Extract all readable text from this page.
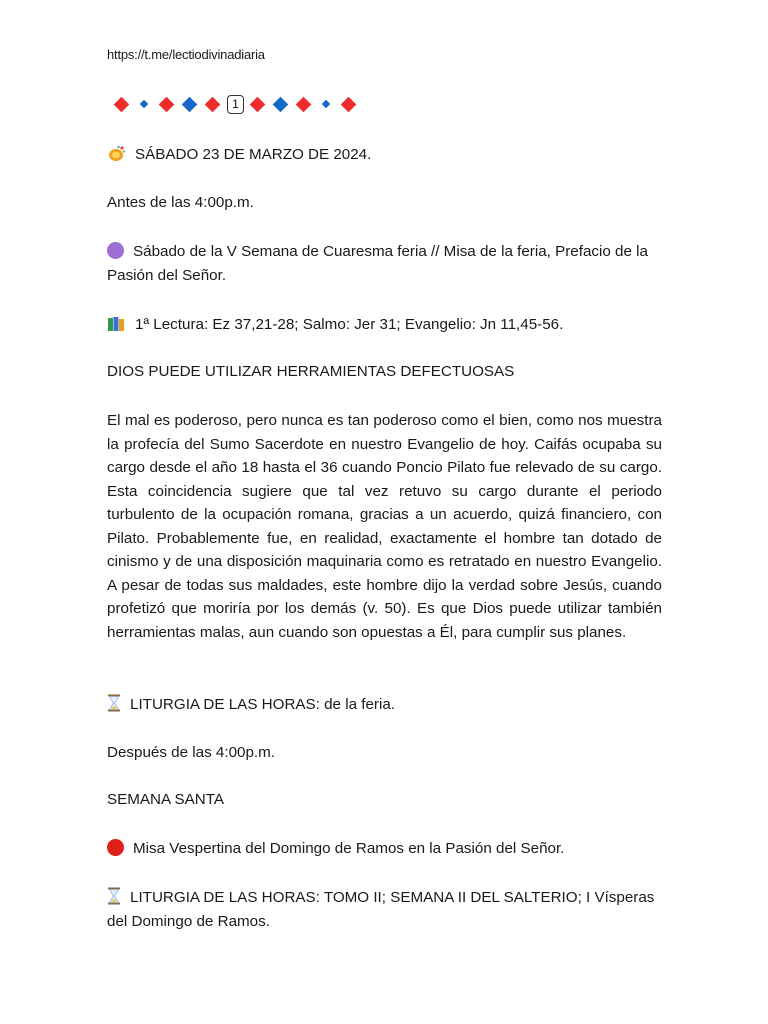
https://t.me/lectiodivinadiaria
1

SÁBADO 23 DE MARZO DE 2024.

Antes de las 4:00p.m.

Sábado de la V Semana de Cuaresma feria // Misa de la feria, Prefacio de la Pasión del Señor.

1ª Lectura: Ez 37,21-28; Salmo: Jer 31; Evangelio: Jn 11,45-56.

DIOS PUEDE UTILIZAR HERRAMIENTAS DEFECTUOSAS

El mal es poderoso, pero nunca es tan poderoso como el bien, como nos muestra la profecía del Sumo Sacerdote en nuestro Evangelio de hoy. Caifás ocupaba su cargo desde el año 18 hasta el 36 cuando Poncio Pilato fue relevado de su cargo. Esta coincidencia sugiere que tal vez retuvo su cargo durante el periodo turbulento de la ocupación romana, gracias a un acuerdo, quizá financiero, con Pilato. Probablemente fue, en realidad, exactamente el hombre tan dotado de cinismo y de una disposición maquinaria como es retratado en nuestro Evangelio. A pesar de todas sus maldades, este hombre dijo la verdad sobre Jesús, cuando profetizó que moriría por los demás (v. 50). Es que Dios puede utilizar también herramientas malas, aun cuando son opuestas a Él, para cumplir sus planes.

LITURGIA DE LAS HORAS: de la feria.

Después de las 4:00p.m.

SEMANA SANTA

Misa Vespertina del Domingo de Ramos en la Pasión del Señor.

LITURGIA DE LAS HORAS: TOMO II; SEMANA II DEL SALTERIO; I Vísperas del Domingo de Ramos.
